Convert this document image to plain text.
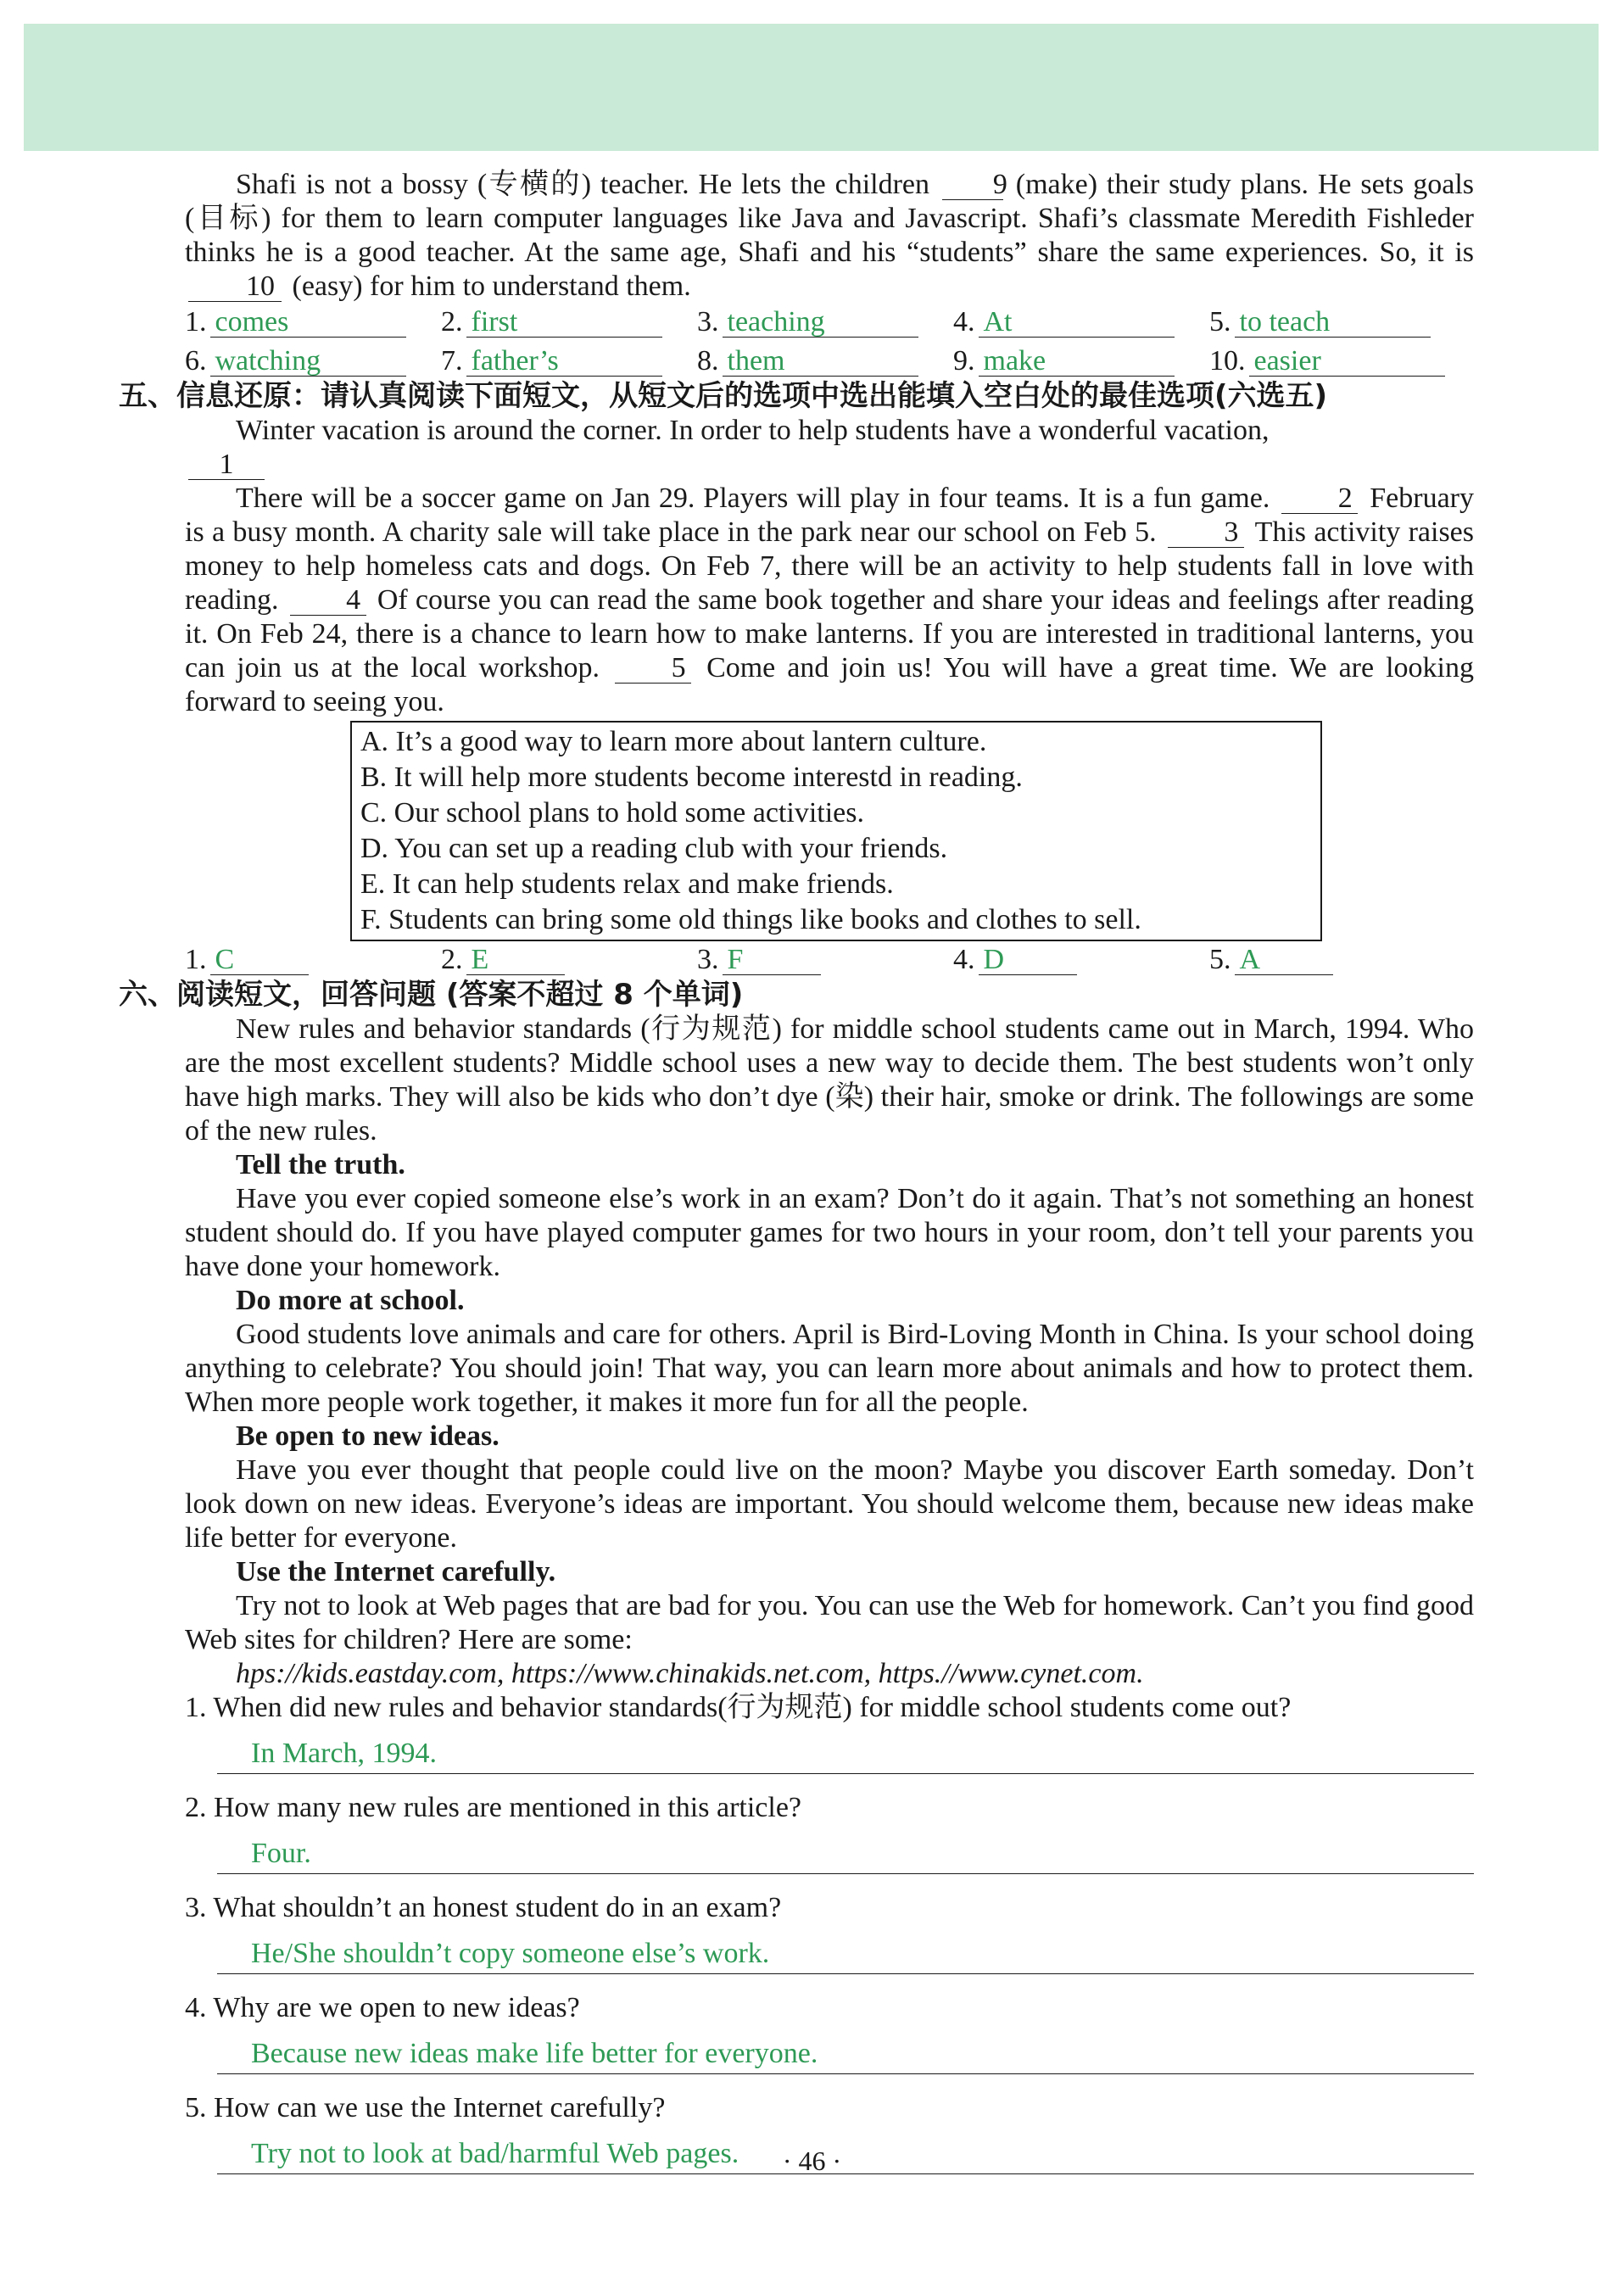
Shafi is not a bossy (专横的) teacher. He lets the children 9 (make) their study plans. He sets goals (目标) for them to learn computer languages like Java and Javascript. Shafi’s classmate Meredith Fishleder thinks he is a good teacher. At the same age, Shafi and his “students” share the same experiences. So, it is 10 (easy) for him to understand them.

1. comes	2. first	3. teaching	4. At	5. to teach
6. watching	7. father’s	8. them	9. make	10. easier
五、信息还原：请认真阅读下面短文，从短文后的选项中选出能填入空白处的最佳选项(六选五)

Winter vacation is around the corner. In order to help students have a wonderful vacation,

1

There will be a soccer game on Jan 29. Players will play in four teams. It is a fun game. 2 February is a busy month. A charity sale will take place in the park near our school on Feb 5. 3 This activity raises money to help homeless cats and dogs. On Feb 7, there will be an activity to help students fall in love with reading. 4 Of course you can read the same book together and share your ideas and feelings after reading it. On Feb 24, there is a chance to learn how to make lanterns. If you are interested in traditional lanterns, you can join us at the local workshop. 5 Come and join us! You will have a great time. We are looking forward to seeing you.

A. It’s a good way to learn more about lantern culture.
B. It will help more students become interestd in reading.
C. Our school plans to hold some activities.
D. You can set up a reading club with your friends.
E. It can help students relax and make friends.
F. Students can bring some old things like books and clothes to sell.
1. C	2. E	3. F	4. D	5. A
六、阅读短文，回答问题 (答案不超过 8 个单词)

New rules and behavior standards (行为规范) for middle school students came out in March, 1994. Who are the most excellent students? Middle school uses a new way to decide them. The best students won’t only have high marks. They will also be kids who don’t dye (染) their hair, smoke or drink. The followings are some of the new rules.

Tell the truth.

Have you ever copied someone else’s work in an exam? Don’t do it again. That’s not something an honest student should do. If you have played computer games for two hours in your room, don’t tell your parents you have done your homework.

Do more at school.

Good students love animals and care for others. April is Bird-Loving Month in China. Is your school doing anything to celebrate? You should join! That way, you can learn more about animals and how to protect them. When more people work together, it makes it more fun for all the people.

Be open to new ideas.

Have you ever thought that people could live on the moon? Maybe you discover Earth someday. Don’t look down on new ideas. Everyone’s ideas are important. You should welcome them, because new ideas make life better for everyone.

Use the Internet carefully.

Try not to look at Web pages that are bad for you. You can use the Web for homework. Can’t you find good Web sites for children? Here are some:

hps://kids.eastday.com, https://www.chinakids.net.com, https.//www.cynet.com.
1. When did new rules and behavior standards(行为规范) for middle school students come out?
In March, 1994.
2. How many new rules are mentioned in this article?
Four.
3. What shouldn’t an honest student do in an exam?
He/She shouldn’t copy someone else’s work.
4. Why are we open to new ideas?
Because new ideas make life better for everyone.
5. How can we use the Internet carefully?
Try not to look at bad/harmful Web pages.	· 46 ·
